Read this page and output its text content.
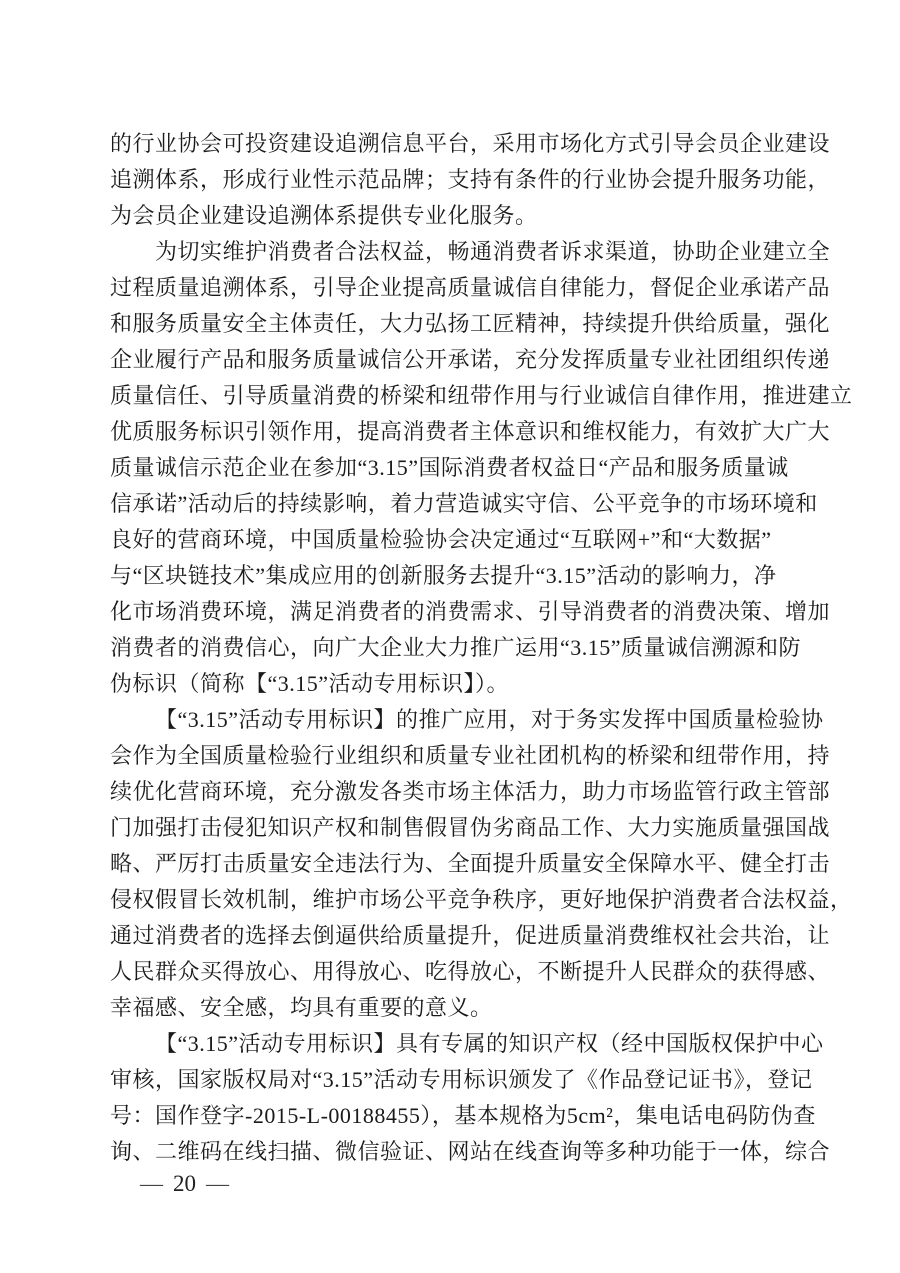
的行业协会可投资建设追溯信息平台，采用市场化方式引导会员企业建设
追溯体系，形成行业性示范品牌；支持有条件的行业协会提升服务功能，
为会员企业建设追溯体系提供专业化服务。
为切实维护消费者合法权益，畅通消费者诉求渠道，协助企业建立全
过程质量追溯体系，引导企业提高质量诚信自律能力，督促企业承诺产品
和服务质量安全主体责任，大力弘扬工匠精神，持续提升供给质量，强化
企业履行产品和服务质量诚信公开承诺，充分发挥质量专业社团组织传递
质量信任、引导质量消费的桥梁和纽带作用与行业诚信自律作用，推进建立
优质服务标识引领作用，提高消费者主体意识和维权能力，有效扩大广大
质量诚信示范企业在参加“3.15”国际消费者权益日“产品和服务质量诚
信承诺”活动后的持续影响，着力营造诚实守信、公平竞争的市场环境和
良好的营商环境，中国质量检验协会决定通过“互联网+”和“大数据”
与“区块链技术”集成应用的创新服务去提升“3.15”活动的影响力，净
化市场消费环境，满足消费者的消费需求、引导消费者的消费决策、增加
消费者的消费信心，向广大企业大力推广运用“3.15”质量诚信溯源和防
伪标识（简称【“3.15”活动专用标识】）。
【“3.15”活动专用标识】的推广应用，对于务实发挥中国质量检验协
会作为全国质量检验行业组织和质量专业社团机构的桥梁和纽带作用，持
续优化营商环境，充分激发各类市场主体活力，助力市场监管行政主管部
门加强打击侵犯知识产权和制售假冒伪劣商品工作、大力实施质量强国战
略、严厉打击质量安全违法行为、全面提升质量安全保障水平、健全打击
侵权假冒长效机制，维护市场公平竞争秩序，更好地保护消费者合法权益，
通过消费者的选择去倒逼供给质量提升，促进质量消费维权社会共治，让
人民群众买得放心、用得放心、吃得放心，不断提升人民群众的获得感、
幸福感、安全感，均具有重要的意义。
【“3.15”活动专用标识】具有专属的知识产权（经中国版权保护中心
审核，国家版权局对“3.15”活动专用标识颁发了《作品登记证书》，登记
号：国作登字-2015-L-00188455），基本规格为5cm²，集电话电码防伪查
询、二维码在线扫描、微信验证、网站在线查询等多种功能于一体，综合
— 20 —
